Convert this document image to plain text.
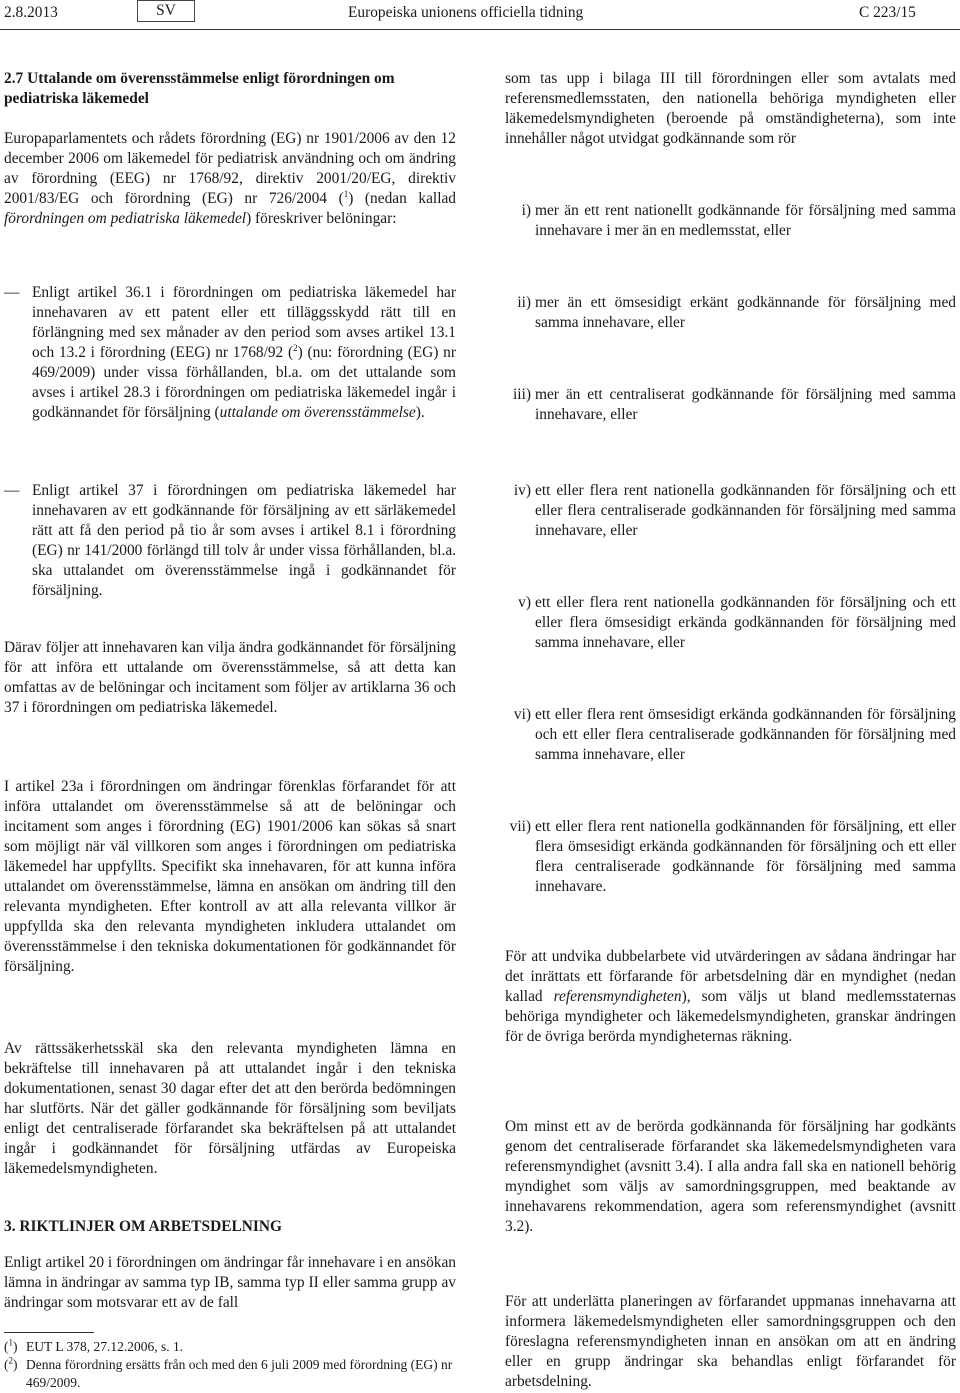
2.8.2013	SV	Europeiska unionens officiella tidning	C 223/15

2.7 Uttalande om överensstämmelse enligt förordningen om pediatriska läkemedel

Europaparlamentets och rådets förordning (EG) nr 1901/2006 av den 12 december 2006 om läkemedel för pediatrisk användning och om ändring av förordning (EEG) nr 1768/92, direktiv 2001/20/EG, direktiv 2001/83/EG och förordning (EG) nr 726/2004 ($^1$) (nedan kallad förordningen om pediatriska läkemedel) föreskriver belöningar:

— Enligt artikel 36.1 i förordningen om pediatriska läkemedel har innehavaren av ett patent eller ett tilläggsskydd rätt till en förlängning med sex månader av den period som avses artikel 13.1 och 13.2 i förordning (EEG) nr 1768/92 ($^2$) (nu: förordning (EG) nr 469/2009) under vissa förhållanden, bl.a. om det uttalande som avses i artikel 28.3 i förordningen om pediatriska läkemedel ingår i godkännandet för försäljning (uttalande om överensstämmelse).

— Enligt artikel 37 i förordningen om pediatriska läkemedel har innehavaren av ett godkännande för försäljning av ett särläkemedel rätt att få den period på tio år som avses i artikel 8.1 i förordning (EG) nr 141/2000 förlängd till tolv år under vissa förhållanden, bl.a. ska uttalandet om överensstämmelse ingå i godkännandet för försäljning.

Därav följer att innehavaren kan vilja ändra godkännandet för försäljning för att införa ett uttalande om överensstämmelse, så att detta kan omfattas av de belöningar och incitament som följer av artiklarna 36 och 37 i förordningen om pediatriska läkemedel.

I artikel 23a i förordningen om ändringar förenklas förfarandet för att införa uttalandet om överensstämmelse så att de belöningar och incitament som anges i förordning (EG) 1901/2006 kan sökas så snart som möjligt när väl villkoren som anges i förordningen om pediatriska läkemedel har uppfyllts. Specifikt ska innehavaren, för att kunna införa uttalandet om överensstämmelse, lämna en ansökan om ändring till den relevanta myndigheten. Efter kontroll av att alla relevanta villkor är uppfyllda ska den relevanta myndigheten inkludera uttalandet om överensstämmelse i den tekniska dokumentationen för godkännandet för försäljning.

Av rättssäkerhetsskäl ska den relevanta myndigheten lämna en bekräftelse till innehavaren på att uttalandet ingår i den tekniska dokumentationen, senast 30 dagar efter det att den berörda bedömningen har slutförts. När det gäller godkännande för försäljning som beviljats enligt det centraliserade förfarandet ska bekräftelsen på att uttalandet ingår i godkännandet för försäljning utfärdas av Europeiska läkemedelsmyndigheten.

3. RIKTLINJER OM ARBETSDELNING

Enligt artikel 20 i förordningen om ändringar får innehavare i en ansökan lämna in ändringar av samma typ IB, samma typ II eller samma grupp av ändringar som motsvarar ett av de fall

($^1$) EUT L 378, 27.12.2006, s. 1.
($^2$) Denna förordning ersätts från och med den 6 juli 2009 med förordning (EG) nr 469/2009.

som tas upp i bilaga III till förordningen eller som avtalats med referensmedlemsstaten, den nationella behöriga myndigheten eller läkemedelsmyndigheten (beroende på omständigheterna), som inte innehåller något utvidgat godkännande som rör

i) mer än ett rent nationellt godkännande för försäljning med samma innehavare i mer än en medlemsstat, eller

ii) mer än ett ömsesidigt erkänt godkännande för försäljning med samma innehavare, eller

iii) mer än ett centraliserat godkännande för försäljning med samma innehavare, eller

iv) ett eller flera rent nationella godkännanden för försäljning och ett eller flera centraliserade godkännanden för försäljning med samma innehavare, eller

v) ett eller flera rent nationella godkännanden för försäljning och ett eller flera ömsesidigt erkända godkännanden för försäljning med samma innehavare, eller

vi) ett eller flera rent ömsesidigt erkända godkännanden för försäljning och ett eller flera centraliserade godkännanden för försäljning med samma innehavare, eller

vii) ett eller flera rent nationella godkännanden för försäljning, ett eller flera ömsesidigt erkända godkännanden för försäljning och ett eller flera centraliserade godkännande för försäljning med samma innehavare.

För att undvika dubbelarbete vid utvärderingen av sådana ändringar har det inrättats ett förfarande för arbetsdelning där en myndighet (nedan kallad referensmyndigheten), som väljs ut bland medlemsstaternas behöriga myndigheter och läkemedelsmyndigheten, granskar ändringen för de övriga berörda myndigheternas räkning.

Om minst ett av de berörda godkännanda för försäljning har godkänts genom det centraliserade förfarandet ska läkemedelsmyndigheten vara referensmyndighet (avsnitt 3.4). I alla andra fall ska en nationell behörig myndighet som väljs av samordningsgruppen, med beaktande av innehavarens rekommendation, agera som referensmyndighet (avsnitt 3.2).

För att underlätta planeringen av förfarandet uppmanas innehavarna att informera läkemedelsmyndigheten eller samordningsgruppen och den föreslagna referensmyndigheten innan en ansökan om att en ändring eller en grupp ändringar ska behandlas enligt förfarandet för arbetsdelning.
